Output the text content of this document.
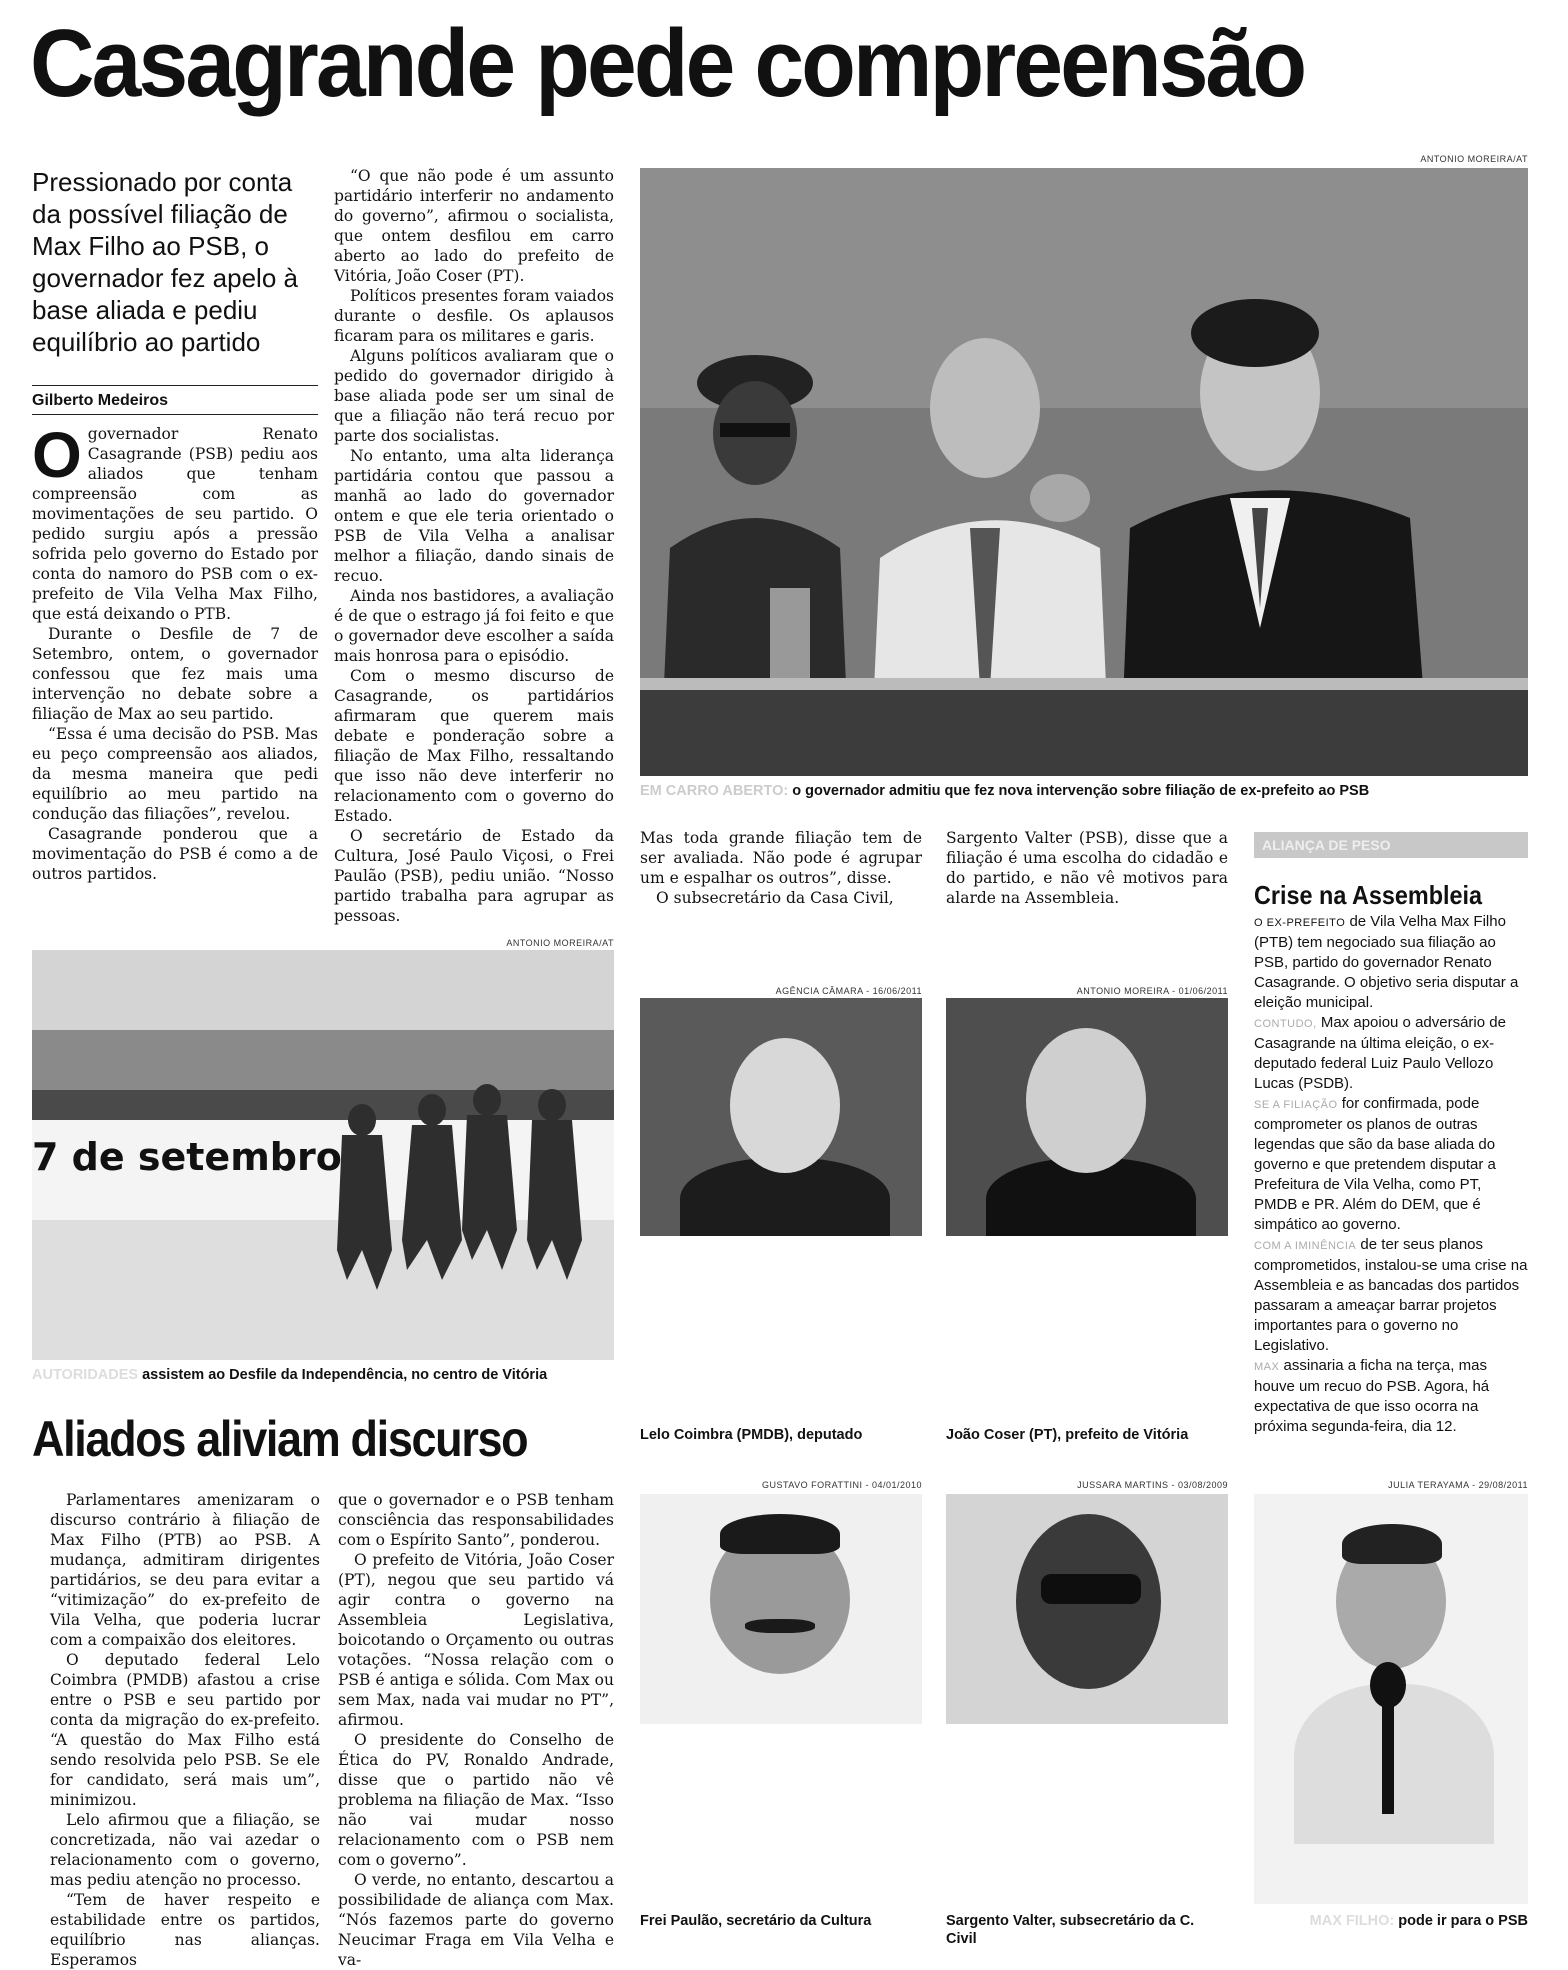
Casagrande pede compreensão
Pressionado por conta da possível filiação de Max Filho ao PSB, o governador fez apelo à base aliada e pediu equilíbrio ao partido
Gilberto Medeiros
O governador Renato Casagrande (PSB) pediu aos aliados que tenham compreensão com as movimentações de seu partido. O pedido surgiu após a pressão sofrida pelo governo do Estado por conta do namoro do PSB com o ex-prefeito de Vila Velha Max Filho, que está deixando o PTB.

Durante o Desfile de 7 de Setembro, ontem, o governador confessou que fez mais uma intervenção no debate sobre a filiação de Max ao seu partido.

“Essa é uma decisão do PSB. Mas eu peço compreensão aos aliados, da mesma maneira que pedi equilíbrio ao meu partido na condução das filiações”, revelou.

Casagrande ponderou que a movimentação do PSB é como a de outros partidos.

“O que não pode é um assunto partidário interferir no andamento do governo”, afirmou o socialista, que ontem desfilou em carro aberto ao lado do prefeito de Vitória, João Coser (PT).

Políticos presentes foram vaiados durante o desfile. Os aplausos ficaram para os militares e garis.

Alguns políticos avaliaram que o pedido do governador dirigido à base aliada pode ser um sinal de que a filiação não terá recuo por parte dos socialistas.

No entanto, uma alta liderança partidária contou que passou a manhã ao lado do governador ontem e que ele teria orientado o PSB de Vila Velha a analisar melhor a filiação, dando sinais de recuo.

Ainda nos bastidores, a avaliação é de que o estrago já foi feito e que o governador deve escolher a saída mais honrosa para o episódio.

Com o mesmo discurso de Casagrande, os partidários afirmaram que querem mais debate e ponderação sobre a filiação de Max Filho, ressaltando que isso não deve interferir no relacionamento com o governo do Estado.

O secretário de Estado da Cultura, José Paulo Viçosi, o Frei Paulão (PSB), pediu união. “Nosso partido trabalha para agrupar as pessoas.

ANTONIO MOREIRA/AT
EM CARRO ABERTO: o governador admitiu que fez nova intervenção sobre filiação de ex-prefeito ao PSB

Mas toda grande filiação tem de ser avaliada. Não pode é agrupar um e espalhar os outros”, disse.

O subsecretário da Casa Civil,

Sargento Valter (PSB), disse que a filiação é uma escolha do cidadão e do partido, e não vê motivos para alarde na Assembleia.

ANTONIO MOREIRA/AT
7 de setembro
AUTORIDADES assistem ao Desfile da Independência, no centro de Vitória
Aliados aliviam discurso

Parlamentares amenizaram o discurso contrário à filiação de Max Filho (PTB) ao PSB. A mudança, admitiram dirigentes partidários, se deu para evitar a “vitimização” do ex-prefeito de Vila Velha, que poderia lucrar com a compaixão dos eleitores.

O deputado federal Lelo Coimbra (PMDB) afastou a crise entre o PSB e seu partido por conta da migração do ex-prefeito. “A questão do Max Filho está sendo resolvida pelo PSB. Se ele for candidato, será mais um”, minimizou.

Lelo afirmou que a filiação, se concretizada, não vai azedar o relacionamento com o governo, mas pediu atenção no processo.

“Tem de haver respeito e estabilidade entre os partidos, equilíbrio nas alianças. Esperamos

que o governador e o PSB tenham consciência das responsabilidades com o Espírito Santo”, ponderou.

O prefeito de Vitória, João Coser (PT), negou que seu partido vá agir contra o governo na Assembleia Legislativa, boicotando o Orçamento ou outras votações. “Nossa relação com o PSB é antiga e sólida. Com Max ou sem Max, nada vai mudar no PT”, afirmou.

O presidente do Conselho de Ética do PV, Ronaldo Andrade, disse que o partido não vê problema na filiação de Max. “Isso não vai mudar nosso relacionamento com o PSB nem com o governo”.

O verde, no entanto, descartou a possibilidade de aliança com Max. “Nós fazemos parte do governo Neucimar Fraga em Vila Velha e va-

AGÊNCIA CÂMARA - 16/06/2011
Lelo Coimbra (PMDB), deputado
ANTONIO MOREIRA - 01/06/2011
João Coser (PT), prefeito de Vitória
ALIANÇA DE PESO
Crise na Assembleia

O EX-PREFEITO de Vila Velha Max Filho (PTB) tem negociado sua filiação ao PSB, partido do governador Renato Casagrande. O objetivo seria disputar a eleição municipal.

CONTUDO, Max apoiou o adversário de Casagrande na última eleição, o ex-deputado federal Luiz Paulo Vellozo Lucas (PSDB).

SE A FILIAÇÃO for confirmada, pode comprometer os planos de outras legendas que são da base aliada do governo e que pretendem disputar a Prefeitura de Vila Velha, como PT, PMDB e PR. Além do DEM, que é simpático ao governo.

COM A IMINÊNCIA de ter seus planos comprometidos, instalou-se uma crise na Assembleia e as bancadas dos partidos passaram a ameaçar barrar projetos importantes para o governo no Legislativo.

MAX assinaria a ficha na terça, mas houve um recuo do PSB. Agora, há expectativa de que isso ocorra na próxima segunda-feira, dia 12.

GUSTAVO FORATTINI - 04/01/2010
Frei Paulão, secretário da Cultura
JUSSARA MARTINS - 03/08/2009
Sargento Valter, subsecretário da C. Civil
JULIA TERAYAMA - 29/08/2011
MAX FILHO: pode ir para o PSB
